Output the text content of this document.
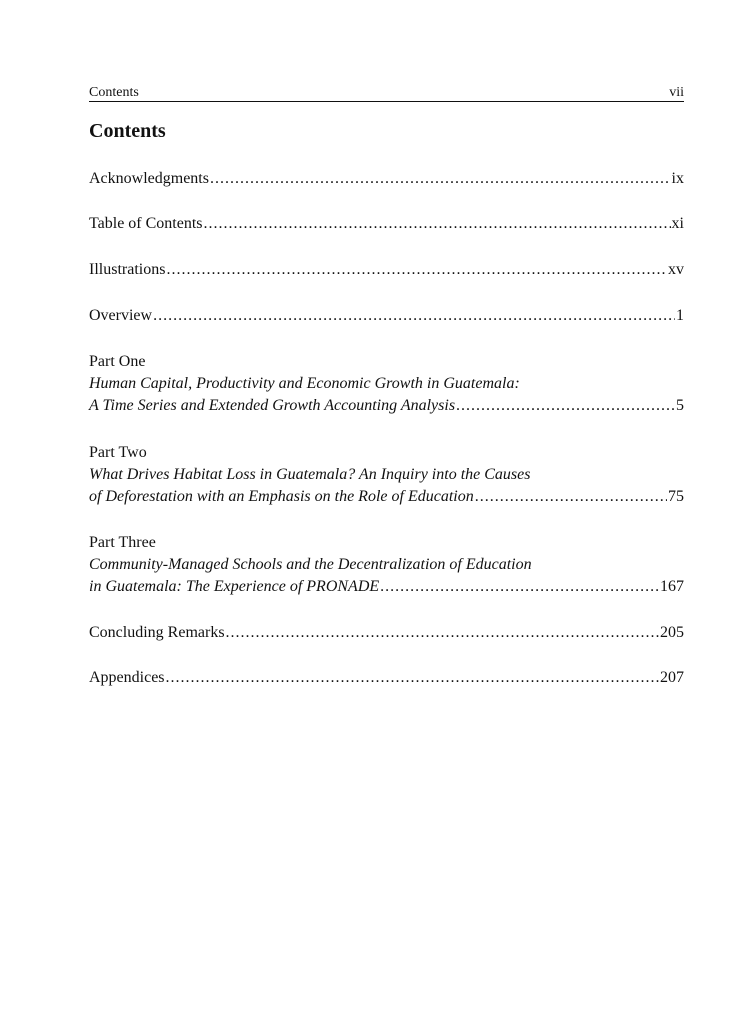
Contents	vii
Contents
Acknowledgments .....	ix
Table of Contents .....	xi
Illustrations .....	xv
Overview .....	1
Part One
Human Capital, Productivity and Economic Growth in Guatemala:
A Time Series and Extended Growth Accounting Analysis .....	5
Part Two
What Drives Habitat Loss in Guatemala? An Inquiry into the Causes
of Deforestation with an Emphasis on the Role of Education .....	75
Part Three
Community-Managed Schools and the Decentralization of Education
in Guatemala: The Experience of PRONADE .....	167
Concluding Remarks .....	205
Appendices .....	207
